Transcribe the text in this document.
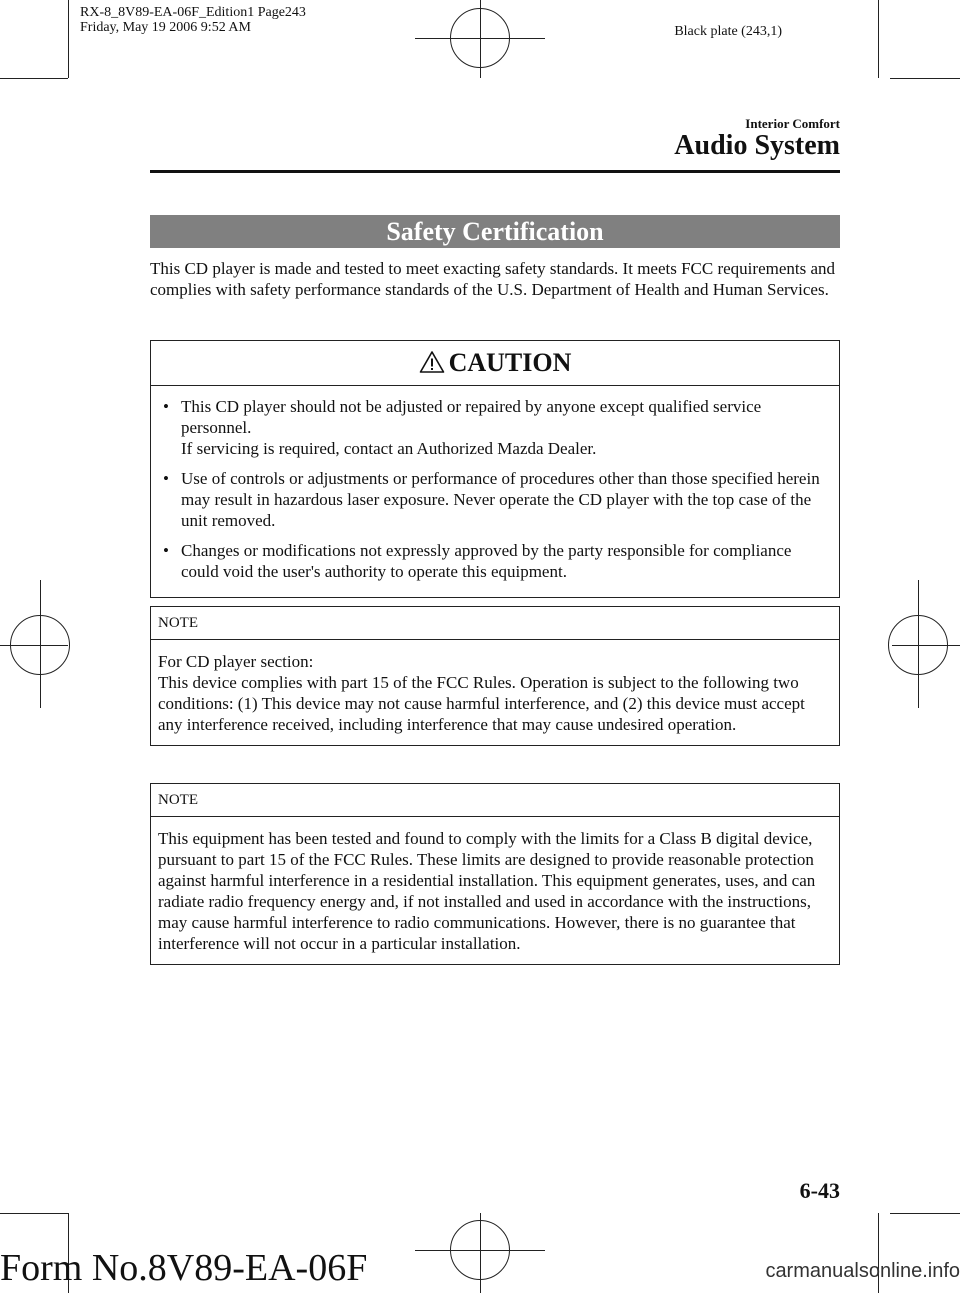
RX-8_8V89-EA-06F_Edition1 Page243
Friday, May 19 2006 9:52 AM	Black plate (243,1)
Interior Comfort
Audio System
Safety Certification
This CD player is made and tested to meet exacting safety standards. It meets FCC requirements and complies with safety performance standards of the U.S. Department of Health and Human Services.
CAUTION
• This CD player should not be adjusted or repaired by anyone except qualified service personnel.
If servicing is required, contact an Authorized Mazda Dealer.
• Use of controls or adjustments or performance of procedures other than those specified herein may result in hazardous laser exposure. Never operate the CD player with the top case of the unit removed.
• Changes or modifications not expressly approved by the party responsible for compliance could void the user's authority to operate this equipment.
NOTE
For CD player section:
This device complies with part 15 of the FCC Rules. Operation is subject to the following two conditions: (1) This device may not cause harmful interference, and (2) this device must accept any interference received, including interference that may cause undesired operation.
NOTE
This equipment has been tested and found to comply with the limits for a Class B digital device, pursuant to part 15 of the FCC Rules. These limits are designed to provide reasonable protection against harmful interference in a residential installation. This equipment generates, uses, and can radiate radio frequency energy and, if not installed and used in accordance with the instructions, may cause harmful interference to radio communications. However, there is no guarantee that interference will not occur in a particular installation.
6-43
Form No.8V89-EA-06F	carmanualsonline.info
